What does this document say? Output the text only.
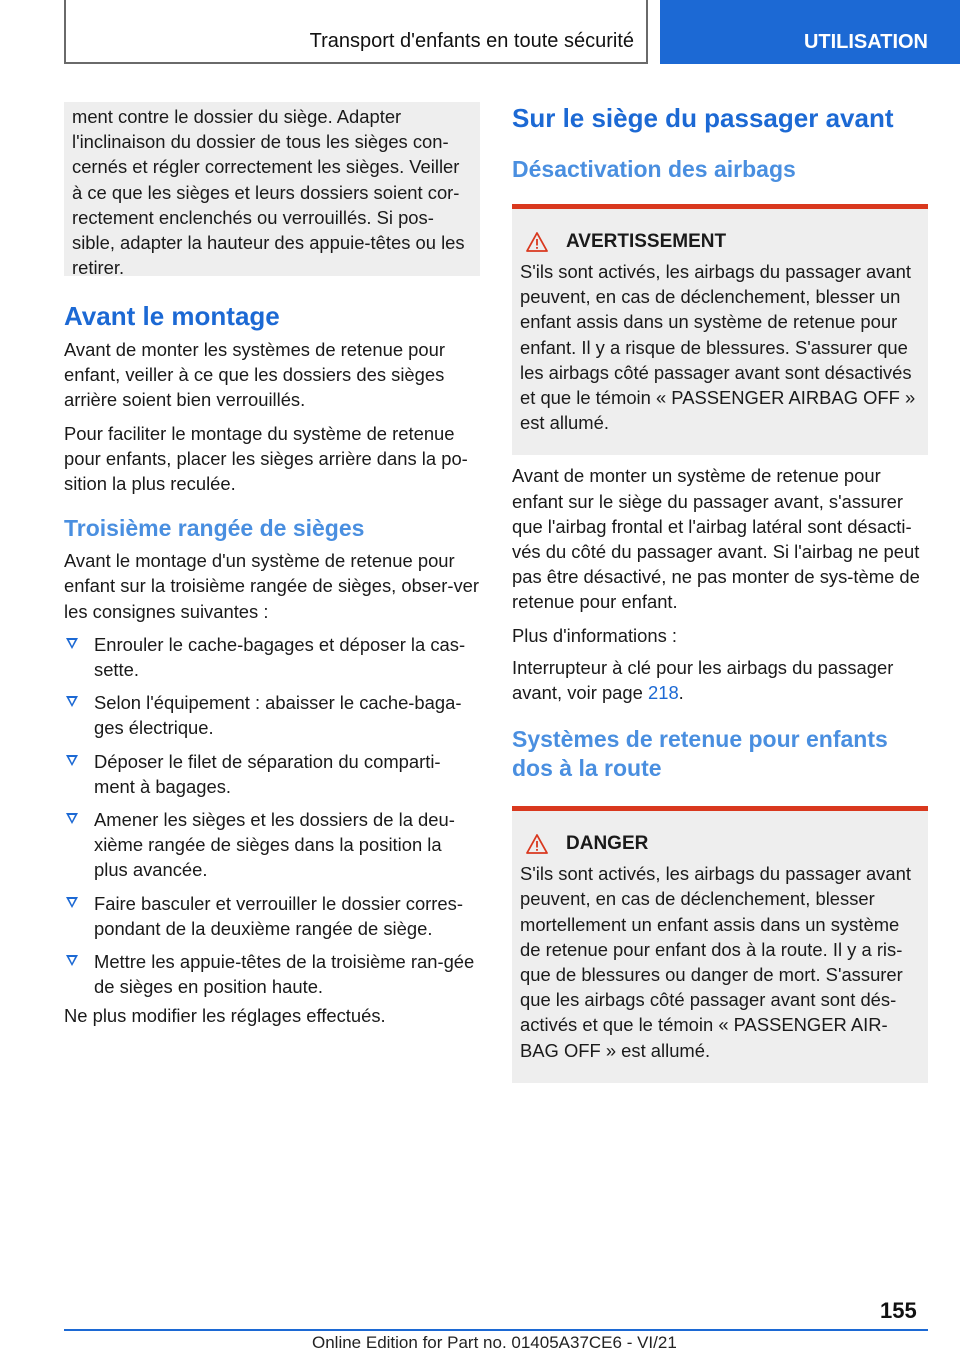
Transport d'enfants en toute sécurité	UTILISATION
ment contre le dossier du siège. Adapter l'inclinaison du dossier de tous les sièges con-cernés et régler correctement les sièges. Veiller à ce que les sièges et leurs dossiers soient cor-rectement enclenchés ou verrouillés. Si pos-sible, adapter la hauteur des appuie-têtes ou les retirer.
Avant le montage

Avant de monter les systèmes de retenue pour enfant, veiller à ce que les dossiers des sièges arrière soient bien verrouillés.

Pour faciliter le montage du système de retenue pour enfants, placer les sièges arrière dans la po-sition la plus reculée.

Troisième rangée de sièges

Avant le montage d'un système de retenue pour enfant sur la troisième rangée de sièges, obser-ver les consignes suivantes :

Enrouler le cache-bagages et déposer la cas-sette.
Selon l'équipement : abaisser le cache-baga-ges électrique.
Déposer le filet de séparation du comparti-ment à bagages.
Amener les sièges et les dossiers de la deu-xième rangée de sièges dans la position la plus avancée.
Faire basculer et verrouiller le dossier corres-pondant de la deuxième rangée de siège.
Mettre les appuie-têtes de la troisième ran-gée de sièges en position haute.

Ne plus modifier les réglages effectués.

Sur le siège du passager avant
Désactivation des airbags
AVERTISSEMENT

S'ils sont activés, les airbags du passager avant peuvent, en cas de déclenchement, blesser un enfant assis dans un système de retenue pour enfant. Il y a risque de blessures. S'assurer que les airbags côté passager avant sont désactivés et que le témoin « PASSENGER AIRBAG OFF » est allumé.

Avant de monter un système de retenue pour enfant sur le siège du passager avant, s'assurer que l'airbag frontal et l'airbag latéral sont désacti-vés du côté du passager avant. Si l'airbag ne peut pas être désactivé, ne pas monter de sys-tème de retenue pour enfant.

Plus d'informations :

Interrupteur à clé pour les airbags du passager avant, voir page 218.

Systèmes de retenue pour enfants dos à la route
DANGER

S'ils sont activés, les airbags du passager avant peuvent, en cas de déclenchement, blesser mortellement un enfant assis dans un système de retenue pour enfant dos à la route. Il y a ris-que de blessures ou danger de mort. S'assurer que les airbags côté passager avant sont dés-activés et que le témoin « PASSENGER AIR-BAG OFF » est allumé.

155
Online Edition for Part no. 01405A37CE6 - VI/21
